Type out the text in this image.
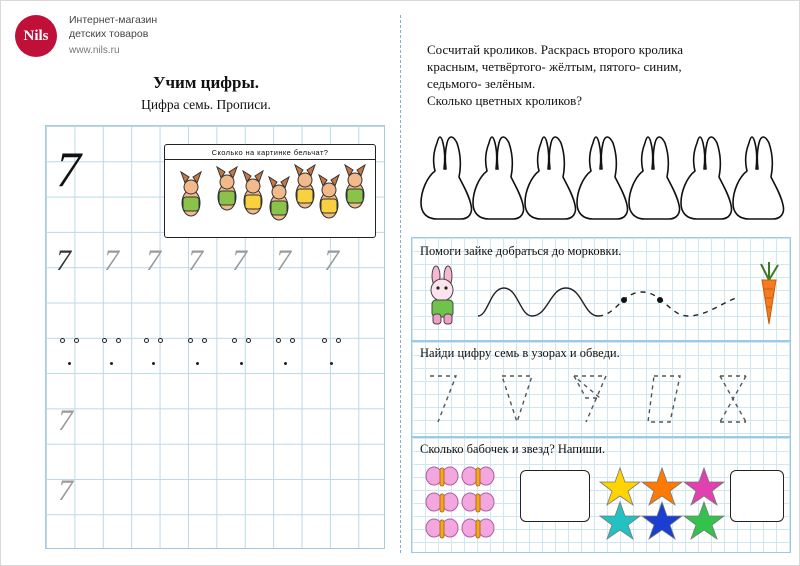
Nils
Интернет-магазин
детских товаров
www.nils.ru
Учим цифры.
Цифра семь. Прописи.
7	Сколько на картинке бельчат?
7 7 7 7 7 7 7
7
7
Сосчитай кроликов. Раскрась второго кролика
красным, четвёртого- жёлтым, пятого- синим,
седьмого- зелёным.
Сколько цветных кроликов?
Помоги зайке добраться до морковки.
Найди цифру семь в узорах и обведи.
Сколько бабочек и звезд? Напиши.
